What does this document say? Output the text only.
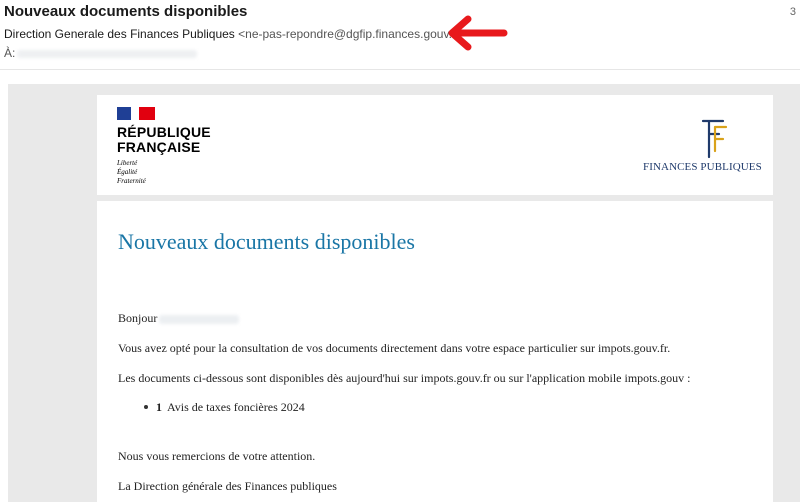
Nouveaux documents disponibles
Direction Generale des Finances Publiques <ne-pas-repondre@dgfip.finances.gouv.fr>
À:
3
RÉPUBLIQUE
FRANÇAISE
Liberté
Égalité
Fraternité
FINANCES PUBLIQUES
Nouveaux documents disponibles
Bonjour
Vous avez opté pour la consultation de vos documents directement dans votre espace particulier sur impots.gouv.fr.
Les documents ci-dessous sont disponibles dès aujourd'hui sur impots.gouv.fr ou sur l'application mobile impots.gouv :
1 Avis de taxes foncières 2024
Nous vous remercions de votre attention.
La Direction générale des Finances publiques
